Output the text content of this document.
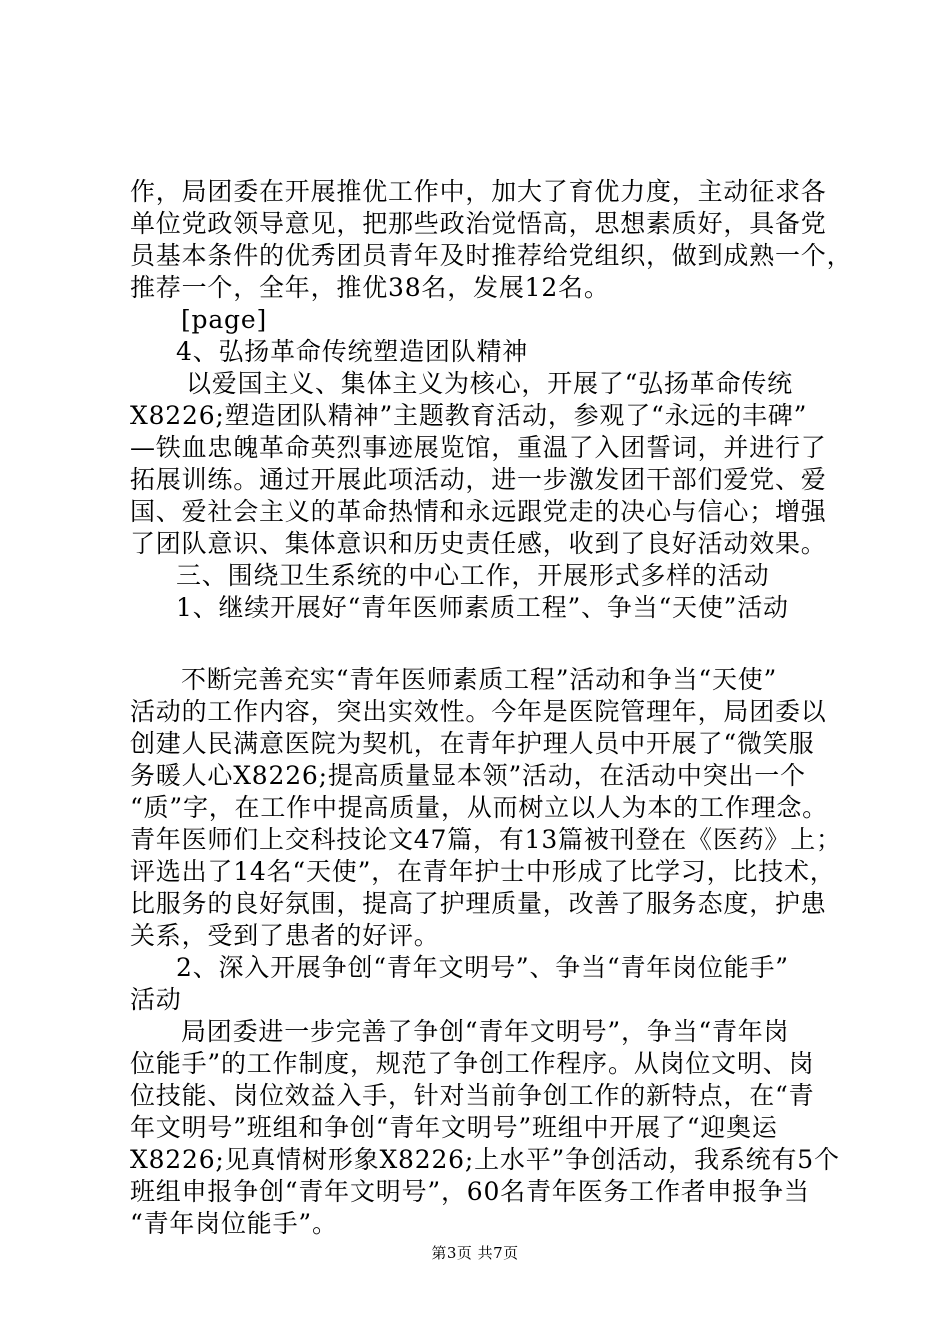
作，局团委在开展推优工作中，加大了育优力度，主动征求各
单位党政领导意见，把那些政治觉悟高，思想素质好，具备党
员基本条件的优秀团员青年及时推荐给党组织，做到成熟一个，
推荐一个，全年，推优38名，发展12名。
[page]
4、弘扬革命传统塑造团队精神
以爱国主义、集体主义为核心，开展了“弘扬革命传统
X8226;塑造团队精神”主题教育活动，参观了“永远的丰碑”
—铁血忠魄革命英烈事迹展览馆，重温了入团誓词，并进行了
拓展训练。通过开展此项活动，进一步激发团干部们爱党、爱
国、爱社会主义的革命热情和永远跟党走的决心与信心；增强
了团队意识、集体意识和历史责任感，收到了良好活动效果。
三、围绕卫生系统的中心工作，开展形式多样的活动
1、继续开展好“青年医师素质工程”、争当“天使”活动
不断完善充实“青年医师素质工程”活动和争当“天使”
活动的工作内容，突出实效性。今年是医院管理年，局团委以
创建人民满意医院为契机，在青年护理人员中开展了“微笑服
务暖人心X8226;提高质量显本领”活动，在活动中突出一个
“质”字，在工作中提高质量，从而树立以人为本的工作理念。
青年医师们上交科技论文47篇，有13篇被刊登在《医药》上；
评选出了14名“天使”，在青年护士中形成了比学习，比技术，
比服务的良好氛围，提高了护理质量，改善了服务态度，护患
关系，受到了患者的好评。
2、深入开展争创“青年文明号”、争当“青年岗位能手”
活动
局团委进一步完善了争创“青年文明号”，争当“青年岗
位能手”的工作制度，规范了争创工作程序。从岗位文明、岗
位技能、岗位效益入手，针对当前争创工作的新特点，在“青
年文明号”班组和争创“青年文明号”班组中开展了“迎奥运
X8226;见真情树形象X8226;上水平”争创活动，我系统有5个
班组申报争创“青年文明号”，60名青年医务工作者申报争当
“青年岗位能手”。
第3页 共7页
